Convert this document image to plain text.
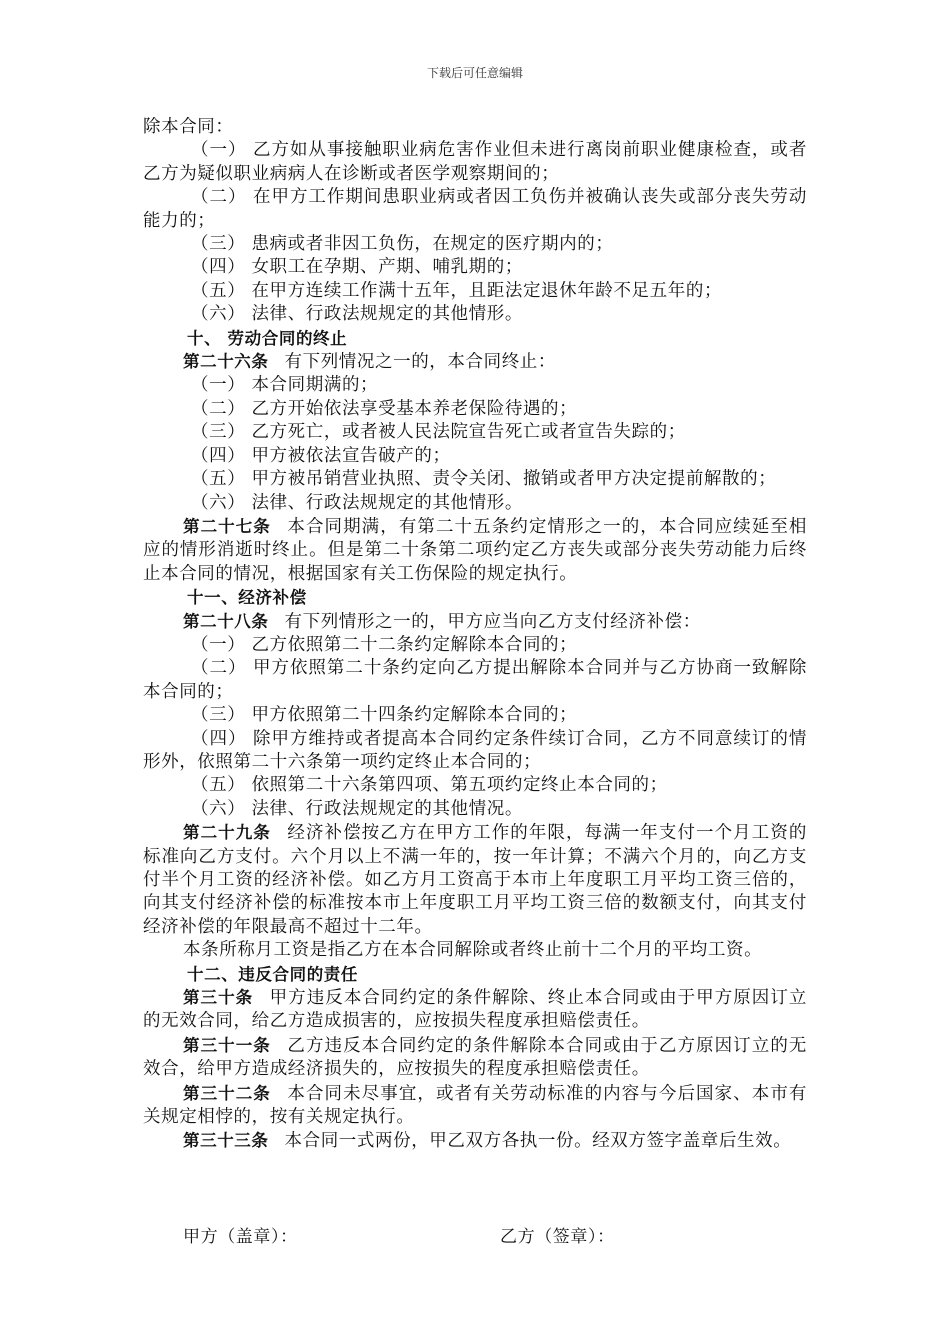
下载后可任意编辑

除本合同：

（一） 乙方如从事接触职业病危害作业但未进行离岗前职业健康检查，或者乙方为疑似职业病病人在诊断或者医学观察期间的；

（二） 在甲方工作期间患职业病或者因工负伤并被确认丧失或部分丧失劳动能力的；

（三） 患病或者非因工负伤，在规定的医疗期内的；

（四） 女职工在孕期、产期、哺乳期的；

（五） 在甲方连续工作满十五年，且距法定退休年龄不足五年的；

（六） 法律、行政法规规定的其他情形。

十、 劳动合同的终止

第二十六条 有下列情况之一的，本合同终止：

（一） 本合同期满的；

（二） 乙方开始依法享受基本养老保险待遇的；

（三） 乙方死亡，或者被人民法院宣告死亡或者宣告失踪的；

（四） 甲方被依法宣告破产的；

（五） 甲方被吊销营业执照、责令关闭、撤销或者甲方决定提前解散的；

（六） 法律、行政法规规定的其他情形。

第二十七条 本合同期满，有第二十五条约定情形之一的，本合同应续延至相应的情形消逝时终止。但是第二十条第二项约定乙方丧失或部分丧失劳动能力后终止本合同的情况，根据国家有关工伤保险的规定执行。

十一、经济补偿

第二十八条 有下列情形之一的，甲方应当向乙方支付经济补偿：

（一） 乙方依照第二十二条约定解除本合同的；

（二） 甲方依照第二十条约定向乙方提出解除本合同并与乙方协商一致解除本合同的；

（三） 甲方依照第二十四条约定解除本合同的；

（四） 除甲方维持或者提高本合同约定条件续订合同，乙方不同意续订的情形外，依照第二十六条第一项约定终止本合同的；

（五） 依照第二十六条第四项、第五项约定终止本合同的；

（六） 法律、行政法规规定的其他情况。

第二十九条 经济补偿按乙方在甲方工作的年限，每满一年支付一个月工资的标准向乙方支付。六个月以上不满一年的，按一年计算；不满六个月的，向乙方支付半个月工资的经济补偿。如乙方月工资高于本市上年度职工月平均工资三倍的，向其支付经济补偿的标准按本市上年度职工月平均工资三倍的数额支付，向其支付经济补偿的年限最高不超过十二年。

本条所称月工资是指乙方在本合同解除或者终止前十二个月的平均工资。

十二、违反合同的责任

第三十条 甲方违反本合同约定的条件解除、终止本合同或由于甲方原因订立的无效合同，给乙方造成损害的，应按损失程度承担赔偿责任。

第三十一条 乙方违反本合同约定的条件解除本合同或由于乙方原因订立的无效合，给甲方造成经济损失的，应按损失的程度承担赔偿责任。

第三十二条 本合同未尽事宜，或者有关劳动标准的内容与今后国家、本市有关规定相悖的，按有关规定执行。

第三十三条 本合同一式两份，甲乙双方各执一份。经双方签字盖章后生效。

甲方（盖章）：	乙方（签章）：
